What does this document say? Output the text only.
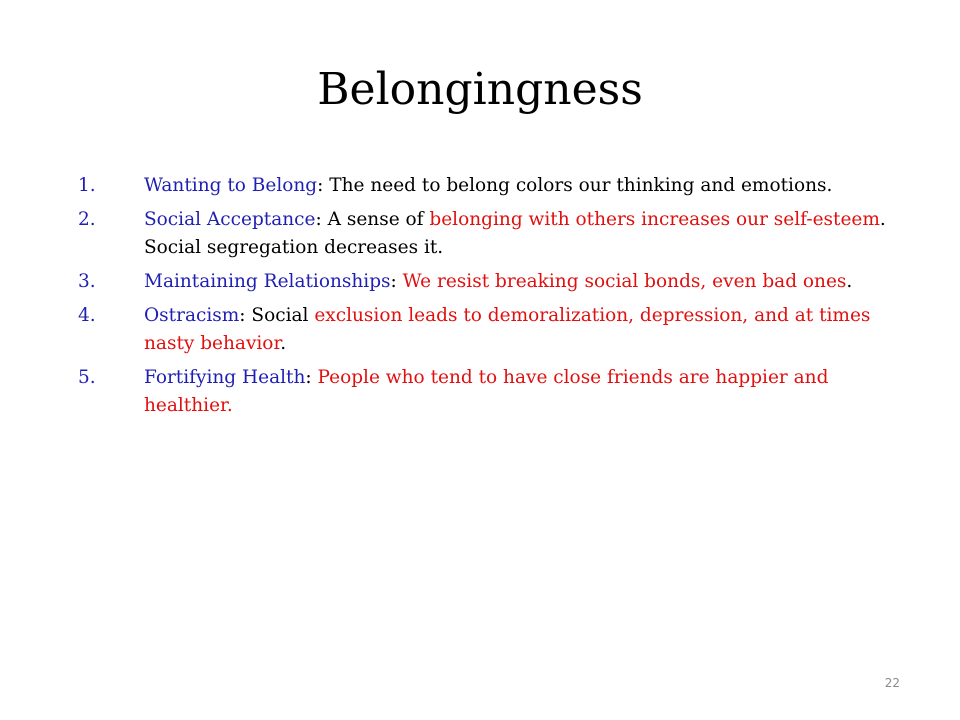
Belongingness
1.	Wanting to Belong: The need to belong colors our thinking and emotions.
2.	Social Acceptance: A sense of belonging with others increases our self-esteem. Social segregation decreases it.
3.	Maintaining Relationships: We resist breaking social bonds, even bad ones.
4.	Ostracism: Social exclusion leads to demoralization, depression, and at times nasty behavior.
5.	Fortifying Health: People who tend to have close friends are happier and healthier.
22
